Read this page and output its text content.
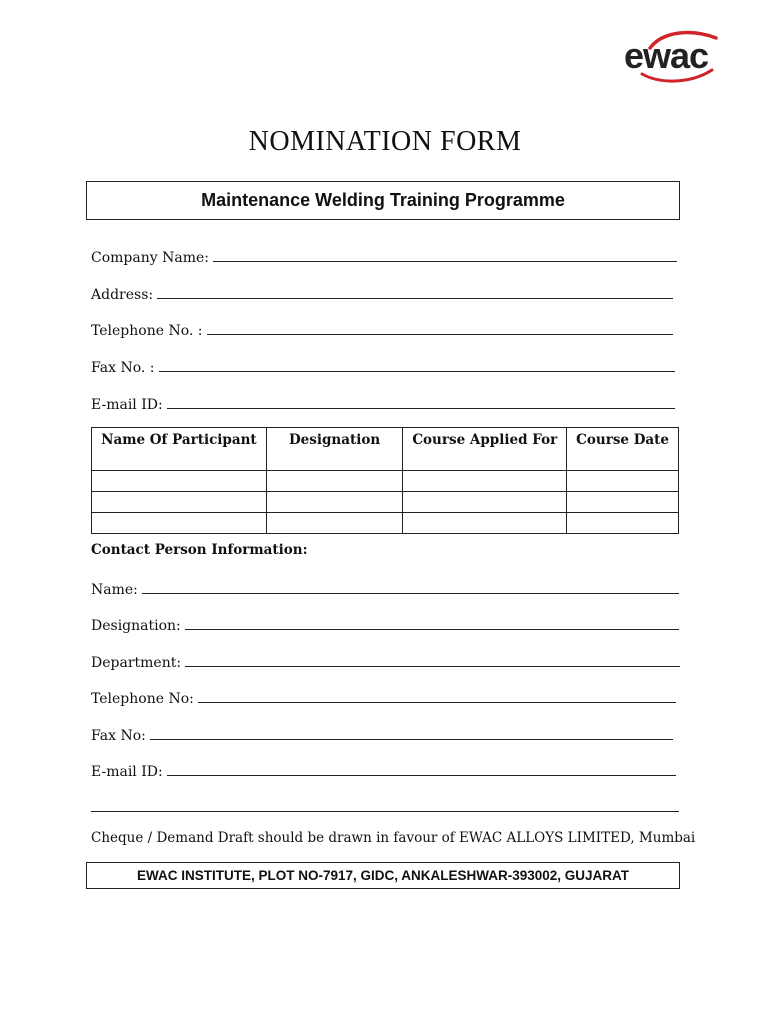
ewac
NOMINATION FORM
Maintenance Welding Training Programme
Company Name:
Address:
Telephone No. :
Fax No. :
E-mail ID:
Name Of Participant	Designation	Course Applied For	Course Date

Contact Person Information:
Name:
Designation:
Department:
Telephone No:
Fax No:
E-mail ID:
Cheque / Demand Draft should be drawn in favour of EWAC ALLOYS LIMITED, Mumbai
EWAC INSTITUTE, PLOT NO-7917, GIDC, ANKALESHWAR-393002, GUJARAT
